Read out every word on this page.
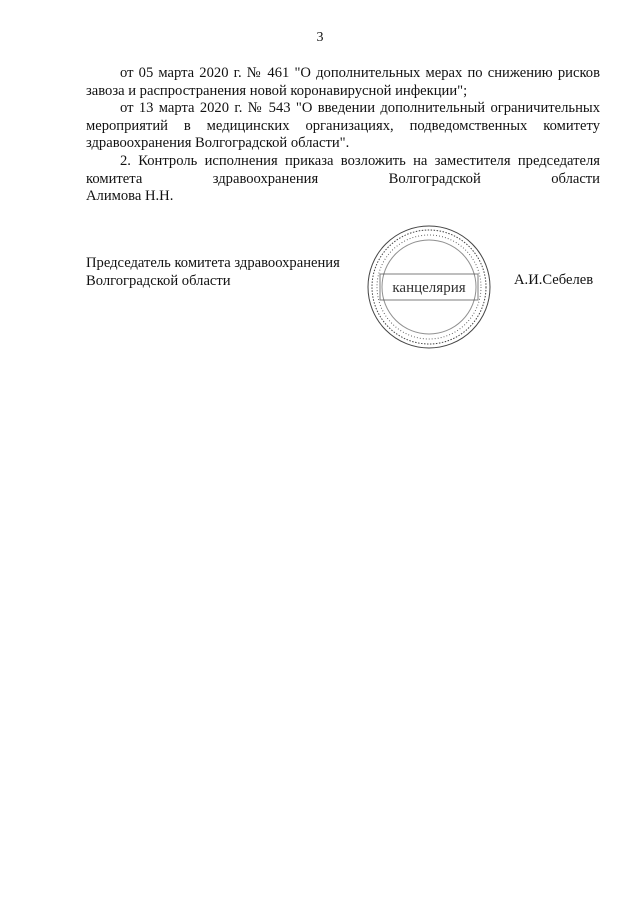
3
от 05 марта 2020 г. № 461 "О дополнительных мерах по снижению рисков завоза и распространения новой коронавирусной инфекции";
от 13 марта 2020 г. № 543 "О введении дополнительный ограничительных мероприятий в медицинских организациях, подведомственных комитету здравоохранения Волгоградской области".
2. Контроль исполнения приказа возложить на заместителя председателя комитета здравоохранения Волгоградской области
Алимова Н.Н.
Председатель комитета здравоохранения
Волгоградской области	А.И.Себелев
канцелярия
